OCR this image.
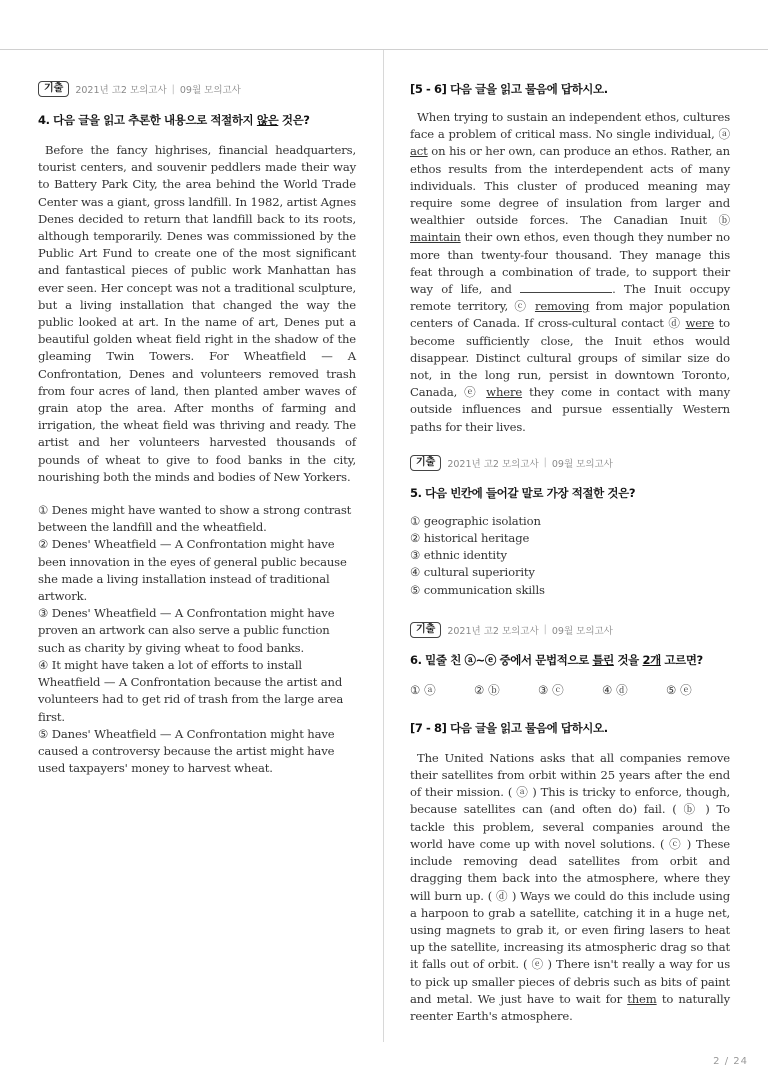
기출	2021년 고2 모의고사 | 09월 모의고사
4. 다음 글을 읽고 추론한 내용으로 적절하지 않은 것은?

Before the fancy highrises, financial headquarters, tourist centers, and souvenir peddlers made their way to Battery Park City, the area behind the World Trade Center was a giant, gross landfill. In 1982, artist Agnes Denes decided to return that landfill back to its roots, although temporarily. Denes was commissioned by the Public Art Fund to create one of the most significant and fantastical pieces of public work Manhattan has ever seen. Her concept was not a traditional sculpture, but a living installation that changed the way the public looked at art. In the name of art, Denes put a beautiful golden wheat field right in the shadow of the gleaming Twin Towers. For Wheatfield — A Confrontation, Denes and volunteers removed trash from four acres of land, then planted amber waves of grain atop the area. After months of farming and irrigation, the wheat field was thriving and ready. The artist and her volunteers harvested thousands of pounds of wheat to give to food banks in the city, nourishing both the minds and bodies of New Yorkers.

① Denes might have wanted to show a strong contrast between the landfill and the wheatfield.
② Denes' Wheatfield — A Confrontation might have been innovation in the eyes of general public because she made a living installation instead of traditional artwork.
③ Denes' Wheatfield — A Confrontation might have proven an artwork can also serve a public function such as charity by giving wheat to food banks.
④ It might have taken a lot of efforts to install Wheatfield — A Confrontation because the artist and volunteers had to get rid of trash from the large area first.
⑤ Danes' Wheatfield — A Confrontation might have caused a controversy because the artist might have used taxpayers' money to harvest wheat.
[5 - 6] 다음 글을 읽고 물음에 답하시오.

When trying to sustain an independent ethos, cultures face a problem of critical mass. No single individual, ⓐ act on his or her own, can produce an ethos. Rather, an ethos results from the interdependent acts of many individuals. This cluster of produced meaning may require some degree of insulation from larger and wealthier outside forces. The Canadian Inuit ⓑ maintain their own ethos, even though they number no more than twenty-four thousand. They manage this feat through a combination of trade, to support their way of life, and	. The Inuit occupy remote territory, ⓒ removing from major population centers of Canada. If cross-cultural contact ⓓ were to become sufficiently close, the Inuit ethos would disappear. Distinct cultural groups of similar size do not, in the long run, persist in downtown Toronto, Canada, ⓔ where they come in contact with many outside influences and pursue essentially Western paths for their lives.

기출	2021년 고2 모의고사 | 09월 모의고사
5. 다음 빈칸에 들어갈 말로 가장 적절한 것은?
① geographic isolation
② historical heritage
③ ethnic identity
④ cultural superiority
⑤ communication skills
기출	2021년 고2 모의고사 | 09월 모의고사
6. 밑줄 친 ⓐ~ⓔ 중에서 문법적으로 틀린 것을 2개 고르면?
① ⓐ	② ⓑ	③ ⓒ	④ ⓓ	⑤ ⓔ
[7 - 8] 다음 글을 읽고 물음에 답하시오.

The United Nations asks that all companies remove their satellites from orbit within 25 years after the end of their mission. ( ⓐ ) This is tricky to enforce, though, because satellites can (and often do) fail. ( ⓑ ) To tackle this problem, several companies around the world have come up with novel solutions. ( ⓒ ) These include removing dead satellites from orbit and dragging them back into the atmosphere, where they will burn up. ( ⓓ ) Ways we could do this include using a harpoon to grab a satellite, catching it in a huge net, using magnets to grab it, or even firing lasers to heat up the satellite, increasing its atmospheric drag so that it falls out of orbit. ( ⓔ ) There isn't really a way for us to pick up smaller pieces of debris such as bits of paint and metal. We just have to wait for them to naturally reenter Earth's atmosphere.

2 / 24
